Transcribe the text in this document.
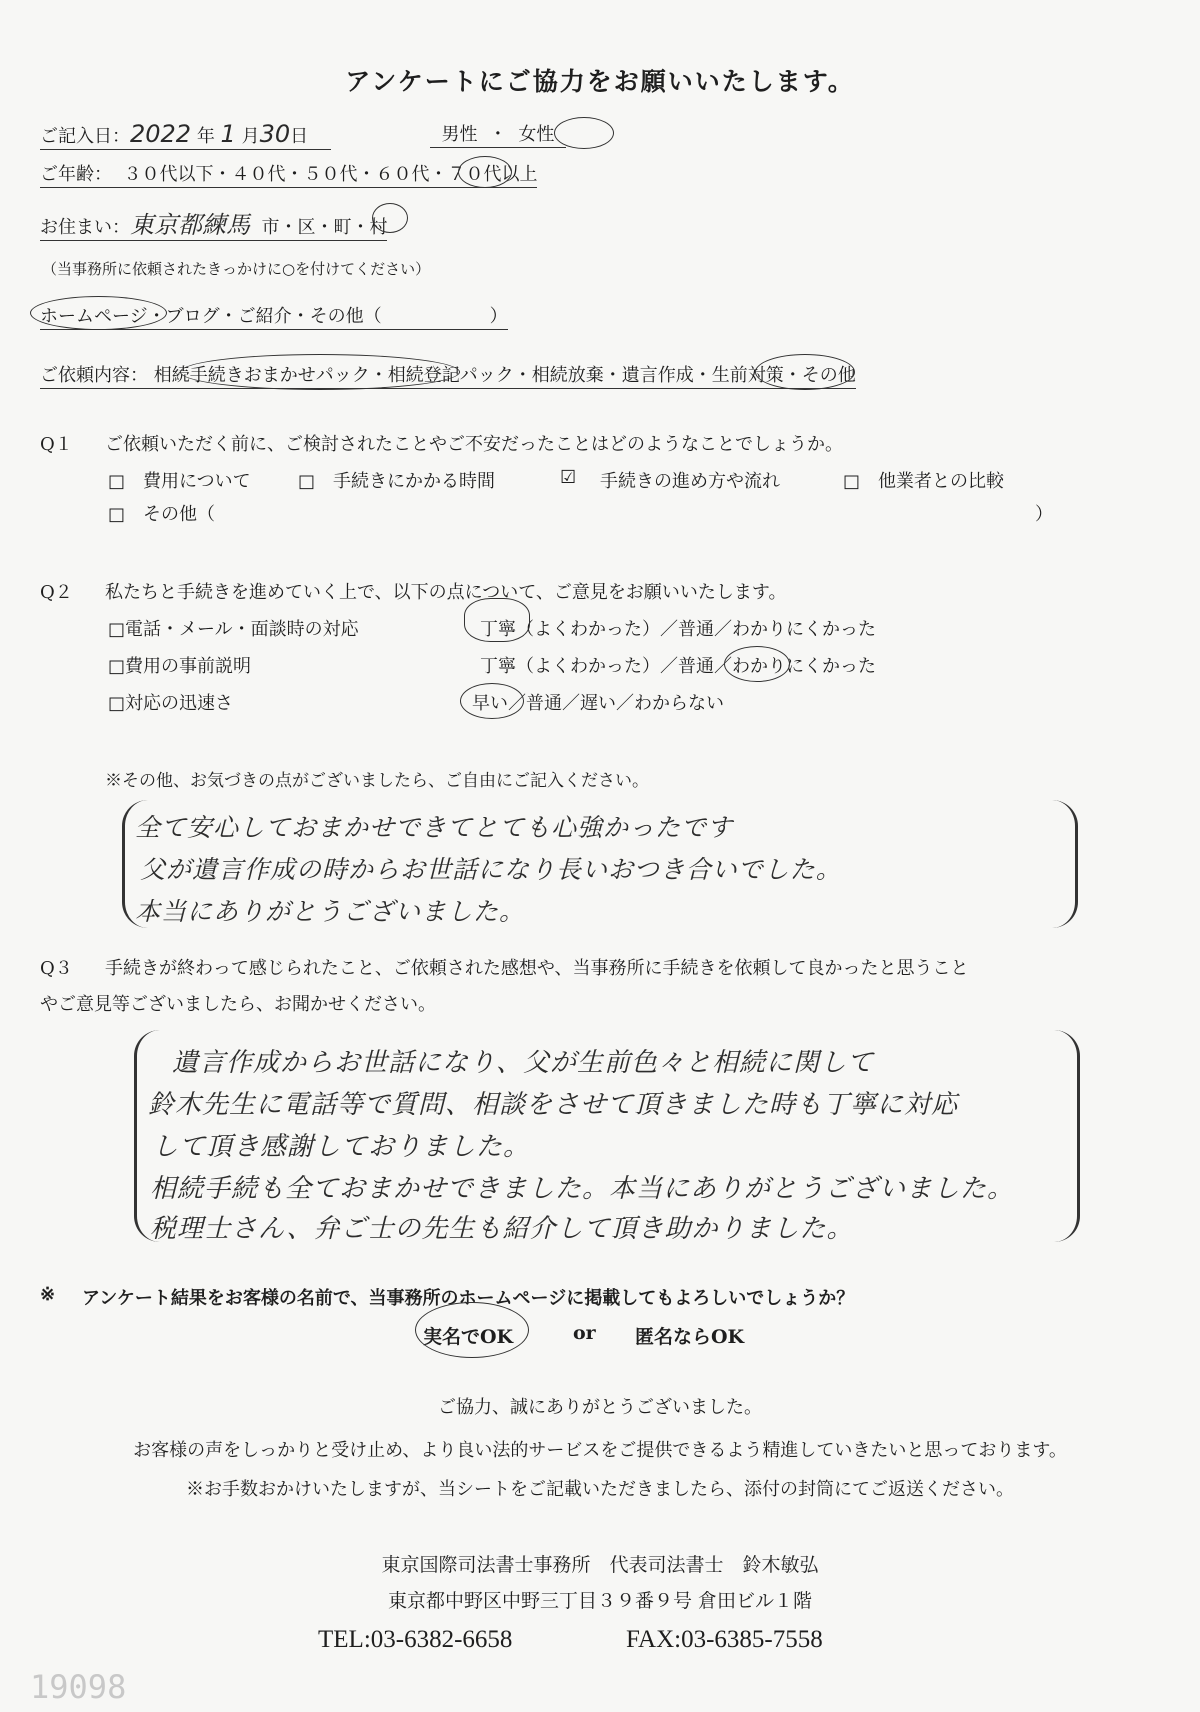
アンケートにご協力をお願いいたします。
ご記入日：2022 年 1 月30日	男性 ・ 女性
ご年齢： ３０代以下・４０代・５０代・６０代・７０代以上
お住まい：東京都練馬 市・区・町・村
（当事務所に依頼されたきっかけに○を付けてください）
ホームページ・ブログ・ご紹介・その他（　　　　　　）
ご依頼内容： 相続手続きおまかせパック・相続登記パック・相続放棄・遺言作成・生前対策・その他
Q１ ご依頼いただく前に、ご検討されたことやご不安だったことはどのようなことでしょうか。
□　費用について	□　手続きにかかる時間	☑ 手続きの進め方や流れ	□　他業者との比較
□　その他（	）
Q２ 私たちと手続きを進めていく上で、以下の点について、ご意見をお願いいたします。
□電話・メール・面談時の対応	丁寧（よくわかった）／普通／わかりにくかった
□費用の事前説明	丁寧（よくわかった）／普通／わかりにくかった
□対応の迅速さ	早い／普通／遅い／わからない
※その他、お気づきの点がございましたら、ご自由にご記入ください。
全て安心しておまかせできてとても心強かったです
父が遺言作成の時からお世話になり長いおつき合いでした。
本当にありがとうございました。
Q３ 手続きが終わって感じられたこと、ご依頼された感想や、当事務所に手続きを依頼して良かったと思うこと
やご意見等ございましたら、お聞かせください。
遺言作成からお世話になり、父が生前色々と相続に関して
鈴木先生に電話等で質問、相談をさせて頂きました時も丁寧に対応
して頂き感謝しておりました。
相続手続も全ておまかせできました。本当にありがとうございました。
税理士さん、弁ご士の先生も紹介して頂き助かりました。
※ アンケート結果をお客様の名前で、当事務所のホームページに掲載してもよろしいでしょうか？
実名でOK	or 匿名ならOK
ご協力、誠にありがとうございました。
お客様の声をしっかりと受け止め、より良い法的サービスをご提供できるよう精進していきたいと思っております。
※お手数おかけいたしますが、当シートをご記載いただきましたら、添付の封筒にてご返送ください。
東京国際司法書士事務所　代表司法書士　鈴木敏弘
東京都中野区中野三丁目３９番９号 倉田ビル１階
TEL:03-6382-6658	FAX:03-6385-7558
19098
